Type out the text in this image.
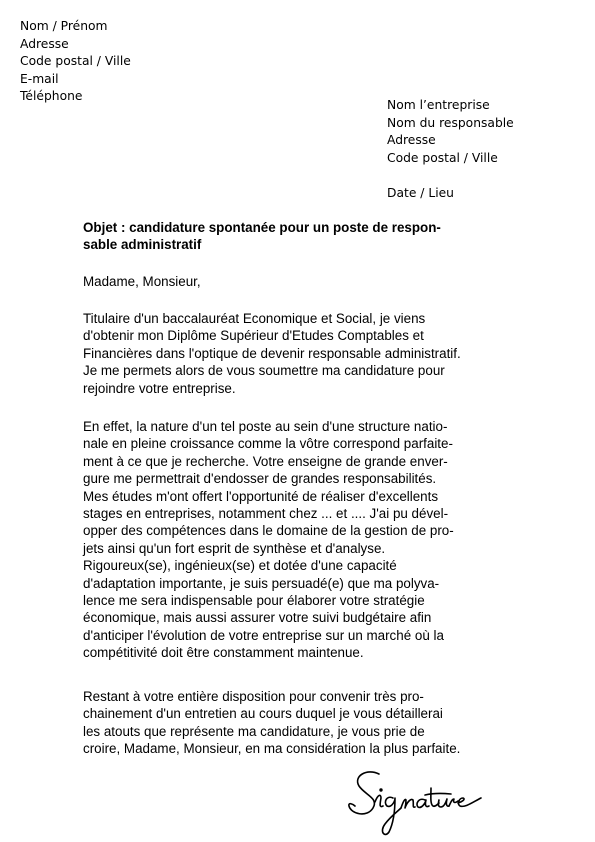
Nom / Prénom
Adresse
Code postal / Ville
E-mail
Téléphone
Nom l’entreprise
Nom du responsable
Adresse
Code postal / Ville
Date / Lieu
Objet : candidature spontanée pour un poste de respon-
sable administratif
Madame, Monsieur,
Titulaire d'un baccalauréat Economique et Social, je viens
d'obtenir mon Diplôme Supérieur d'Etudes Comptables et
Financières dans l'optique de devenir responsable administratif.
Je me permets alors de vous soumettre ma candidature pour
rejoindre votre entreprise.
En effet, la nature d'un tel poste au sein d'une structure natio-
nale en pleine croissance comme la vôtre correspond parfaite-
ment à ce que je recherche. Votre enseigne de grande enver-
gure me permettrait d'endosser de grandes responsabilités.
Mes études m'ont offert l'opportunité de réaliser d'excellents
stages en entreprises, notamment chez ... et .... J'ai pu dével-
opper des compétences dans le domaine de la gestion de pro-
jets ainsi qu'un fort esprit de synthèse et d'analyse.
Rigoureux(se), ingénieux(se) et dotée d'une capacité
d'adaptation importante, je suis persuadé(e) que ma polyva-
lence me sera indispensable pour élaborer votre stratégie
économique, mais aussi assurer votre suivi budgétaire afin
d'anticiper l'évolution de votre entreprise sur un marché où la
compétitivité doit être constamment maintenue.
Restant à votre entière disposition pour convenir très pro-
chainement d'un entretien au cours duquel je vous détaillerai
les atouts que représente ma candidature, je vous prie de
croire, Madame, Monsieur, en ma considération la plus parfaite.
